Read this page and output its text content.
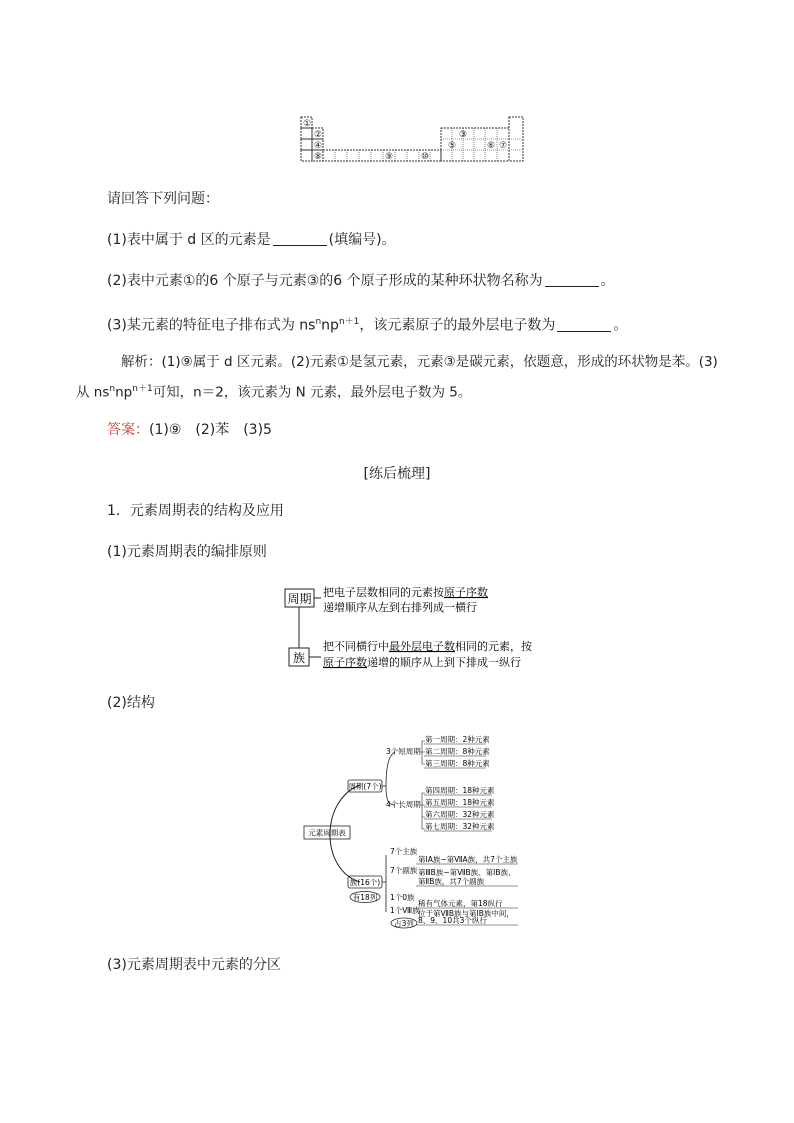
①
②
④
⑧	⑨	⑩
③
⑤	⑥ ⑦
请回答下列问题：
(1)表中属于 d 区的元素是	(填编号)。
(2)表中元素①的6 个原子与元素③的6 个原子形成的某种环状物名称为	。
(3)某元素的特征电子排布式为 $ns^nnp^{n+1}$，该元素原子的最外层电子数为	。
解析：(1)⑨属于 d 区元素。(2)元素①是氢元素，元素③是碳元素，依题意，形成的环状物是苯。(3)
从 $ns^nnp^{n+1}$可知，n＝2，该元素为 N 元素，最外层电子数为 5。
答案：(1)⑨　(2)苯　(3)5
[练后梳理]
1．元素周期表的结构及应用
(1)元素周期表的编排原则
周期
族
把电子层数相同的元素按原子序数
递增顺序从左到右排列成一横行
把不同横行中最外层电子数相同的元素，按
原子序数递增的顺序从上到下排成一纵行
(2)结构
元素周期表
周期(7个)
3个短周期
4个长周期
第一周期：2种元素
第二周期：8种元素
第三周期：8种元素
第四周期：18种元素
第五周期：18种元素
第六周期：32种元素
第七周期：32种元素
族(16个)
有18列
7个主族
第ⅠA族~第ⅦA族，共7个主族
7个副族 第ⅢB族~第ⅦB族、第ⅠB族、
第ⅡB族，共7个副族
1个0族
稀有气体元素，第18纵行
1个Ⅷ族
位于第ⅦB族与第ⅠB族中间，
8、9、10共3个纵行
占3列
(3)元素周期表中元素的分区
